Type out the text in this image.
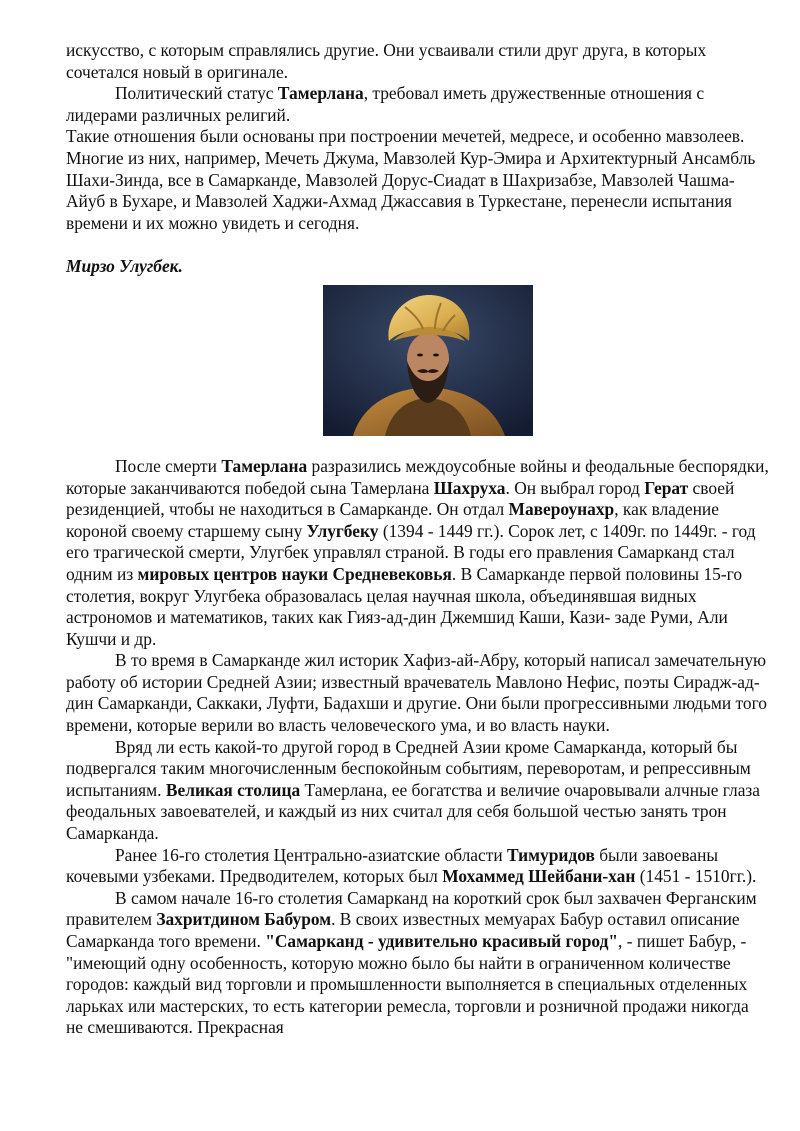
искусство, с которым справлялись другие. Они усваивали стили друг друга, в которых сочетался новый в оригинале.

Политический статус Тамерлана, требовал иметь дружественные отношения с лидерами различных религий.

Такие отношения были основаны при построении мечетей, медресе, и особенно мавзолеев. Многие из них, например, Мечеть Джума, Мавзолей Кур-Эмира и Архитектурный Ансамбль Шахи-Зинда, все в Самарканде, Мавзолей Дорус-Сиадат в Шахризабзе, Мавзолей Чашма-Айуб в Бухаре, и Мавзолей Хаджи-Ахмад Джассавия в Туркестане, перенесли испытания времени и их можно увидеть и сегодня.

Мирзо Улугбек.

После смерти Тамерлана разразились междоусобные войны и феодальные беспорядки, которые заканчиваются победой сына Тамерлана Шахруха. Он выбрал город Герат своей резиденцией, чтобы не находиться в Самарканде. Он отдал Мавероунахр, как владение короной своему старшему сыну Улугбеку (1394 - 1449 гг.). Сорок лет, с 1409г. по 1449г. - год его трагической смерти, Улугбек управлял страной. В годы его правления Самарканд стал одним из мировых центров науки Средневековья. В Самарканде первой половины 15-го столетия, вокруг Улугбека образовалась целая научная школа, объединявшая видных астрономов и математиков, таких как Гияз-ад-дин Джемшид Каши, Кази- заде Руми, Али Кушчи и др.

В то время в Самарканде жил историк Хафиз-ай-Абру, который написал замечательную работу об истории Средней Азии; известный врачеватель Мавлоно Нефис, поэты Сирадж-ад-дин Самарканди, Саккаки, Луфти, Бадахши и другие. Они были прогрессивными людьми того времени, которые верили во власть человеческого ума, и во власть науки.

Вряд ли есть какой-то другой город в Средней Азии кроме Самарканда, который бы подвергался таким многочисленным беспокойным событиям, переворотам, и репрессивным испытаниям. Великая столица Тамерлана, ее богатства и величие очаровывали алчные глаза феодальных завоевателей, и каждый из них считал для себя большой честью занять трон Самарканда.

Ранее 16-го столетия Центрально-азиатские области Тимуридов были завоеваны кочевыми узбеками. Предводителем, которых был Мохаммед Шейбани-хан (1451 - 1510гг.).

В самом начале 16-го столетия Самарканд на короткий срок был захвачен Ферганским правителем Захритдином Бабуром. В своих известных мемуарах Бабур оставил описание Самарканда того времени. "Самарканд - удивительно красивый город", - пишет Бабур, - "имеющий одну особенность, которую можно было бы найти в ограниченном количестве городов: каждый вид торговли и промышленности выполняется в специальных отделенных ларьках или мастерских, то есть категории ремесла, торговли и розничной продажи никогда не смешиваются. Прекрасная
